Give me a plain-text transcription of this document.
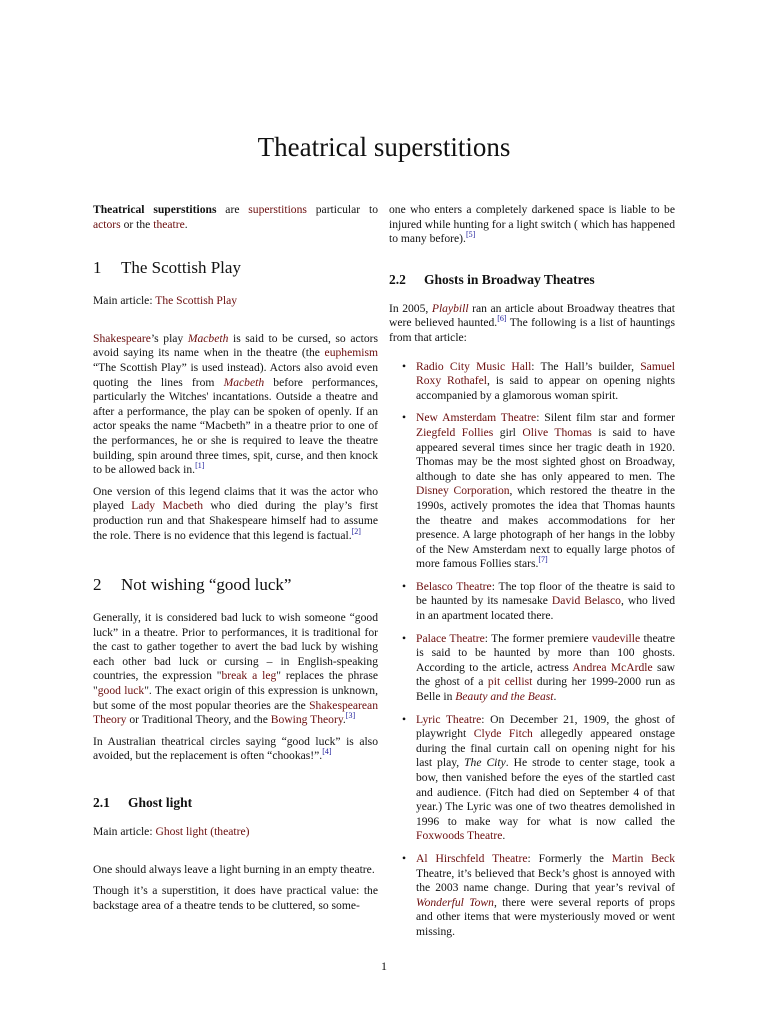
Theatrical superstitions

Theatrical superstitions are superstitions particular to actors or the theatre.

1 The Scottish Play

Main article: The Scottish Play

Shakespeare’s play Macbeth is said to be cursed, so actors avoid saying its name when in the theatre (the euphemism “The Scottish Play” is used instead). Actors also avoid even quoting the lines from Macbeth before performances, particularly the Witches' incantations. Outside a theatre and after a performance, the play can be spoken of openly. If an actor speaks the name “Macbeth” in a theatre prior to one of the performances, he or she is required to leave the theatre building, spin around three times, spit, curse, and then knock to be allowed back in.[1]

One version of this legend claims that it was the actor who played Lady Macbeth who died during the play’s first production run and that Shakespeare himself had to assume the role. There is no evidence that this legend is factual.[2]

2 Not wishing “good luck”

Generally, it is considered bad luck to wish someone “good luck” in a theatre. Prior to performances, it is traditional for the cast to gather together to avert the bad luck by wishing each other bad luck or cursing – in English-speaking countries, the expression "break a leg" replaces the phrase "good luck". The exact origin of this expression is unknown, but some of the most popular theories are the Shakespearean Theory or Traditional Theory, and the Bowing Theory.[3]

In Australian theatrical circles saying “good luck” is also avoided, but the replacement is often “chookas!”.[4]

2.1 Ghost light

Main article: Ghost light (theatre)

One should always leave a light burning in an empty theatre.

Though it’s a superstition, it does have practical value: the backstage area of a theatre tends to be cluttered, so some-

one who enters a completely darkened space is liable to be injured while hunting for a light switch ( which has happened to many before).[5]

2.2 Ghosts in Broadway Theatres

In 2005, Playbill ran an article about Broadway theatres that were believed haunted.[6] The following is a list of hauntings from that article:

• Radio City Music Hall: The Hall’s builder, Samuel Roxy Rothafel, is said to appear on opening nights accompanied by a glamorous woman spirit.
• New Amsterdam Theatre: Silent film star and former Ziegfeld Follies girl Olive Thomas is said to have appeared several times since her tragic death in 1920. Thomas may be the most sighted ghost on Broadway, although to date she has only appeared to men. The Disney Corporation, which restored the theatre in the 1990s, actively promotes the idea that Thomas haunts the theatre and makes accommodations for her presence. A large photograph of her hangs in the lobby of the New Amsterdam next to equally large photos of more famous Follies stars.[7]
• Belasco Theatre: The top floor of the theatre is said to be haunted by its namesake David Belasco, who lived in an apartment located there.
• Palace Theatre: The former premiere vaudeville theatre is said to be haunted by more than 100 ghosts. According to the article, actress Andrea McArdle saw the ghost of a pit cellist during her 1999-2000 run as Belle in Beauty and the Beast.
• Lyric Theatre: On December 21, 1909, the ghost of playwright Clyde Fitch allegedly appeared onstage during the final curtain call on opening night for his last play, The City. He strode to center stage, took a bow, then vanished before the eyes of the startled cast and audience. (Fitch had died on September 4 of that year.) The Lyric was one of two theatres demolished in 1996 to make way for what is now called the Foxwoods Theatre.
• Al Hirschfeld Theatre: Formerly the Martin Beck Theatre, it’s believed that Beck’s ghost is annoyed with the 2003 name change. During that year’s revival of Wonderful Town, there were several reports of props and other items that were mysteriously moved or went missing.
1
